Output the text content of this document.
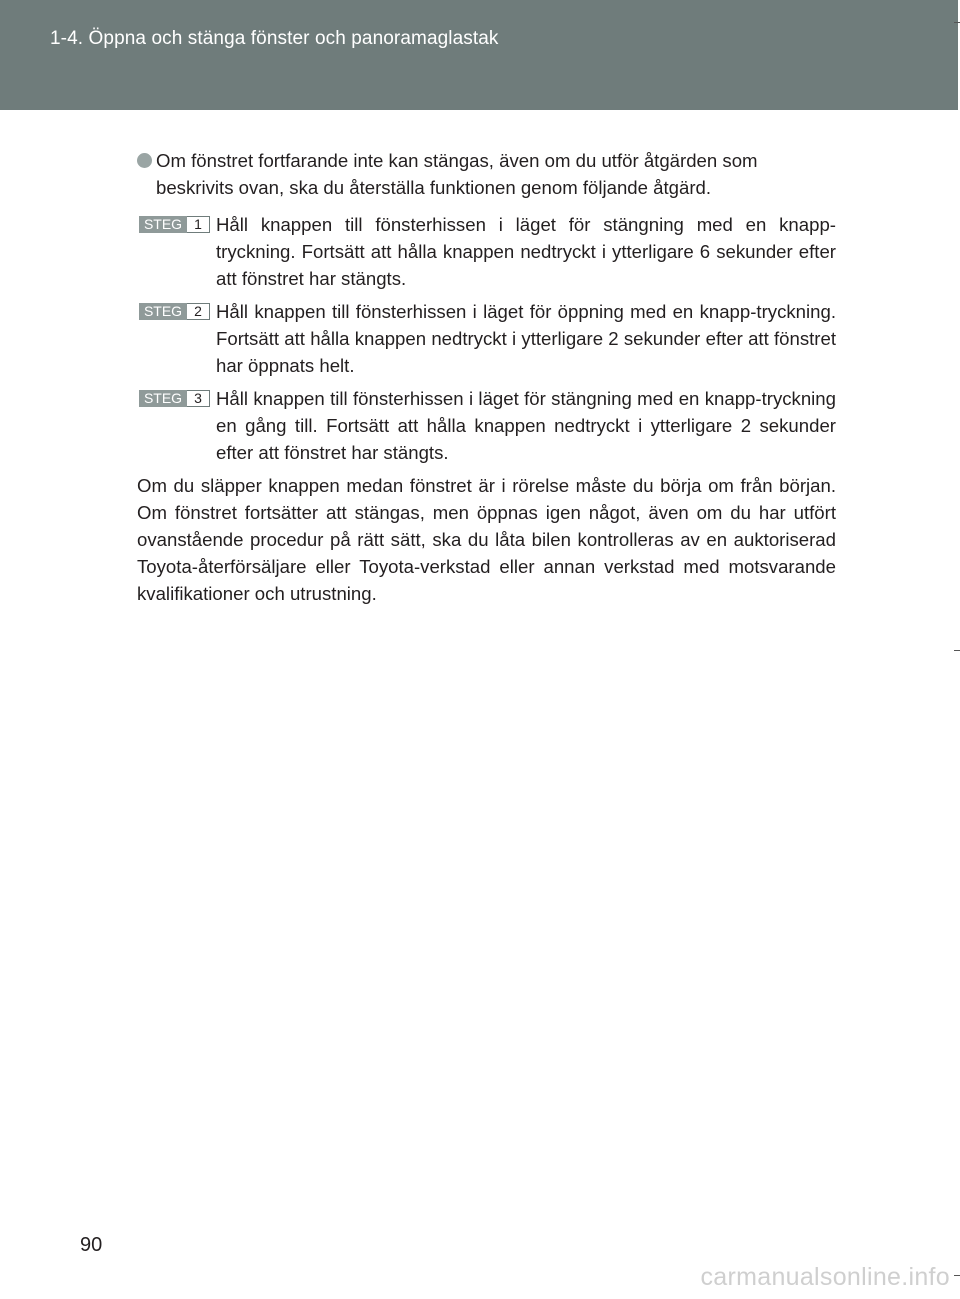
1-4. Öppna och stänga fönster och panoramaglastak

Om fönstret fortfarande inte kan stängas, även om du utför åtgärden som beskrivits ovan, ska du återställa funktionen genom följande åtgärd.

STEG 1 Håll knappen till fönsterhissen i läget för stängning med en knapp-tryckning. Fortsätt att hålla knappen nedtryckt i ytterligare 6 sekunder efter att fönstret har stängts.

STEG 2 Håll knappen till fönsterhissen i läget för öppning med en knapp-tryckning. Fortsätt att hålla knappen nedtryckt i ytterligare 2 sekunder efter att fönstret har öppnats helt.

STEG 3 Håll knappen till fönsterhissen i läget för stängning med en knapp-tryckning en gång till. Fortsätt att hålla knappen nedtryckt i ytterligare 2 sekunder efter att fönstret har stängts.

Om du släpper knappen medan fönstret är i rörelse måste du börja om från början. Om fönstret fortsätter att stängas, men öppnas igen något, även om du har utfört ovanstående procedur på rätt sätt, ska du låta bilen kontrolleras av en auktoriserad Toyota-återförsäljare eller Toyota-verkstad eller annan verkstad med motsvarande kvalifikationer och utrustning.

90
carmanualsonline.info
